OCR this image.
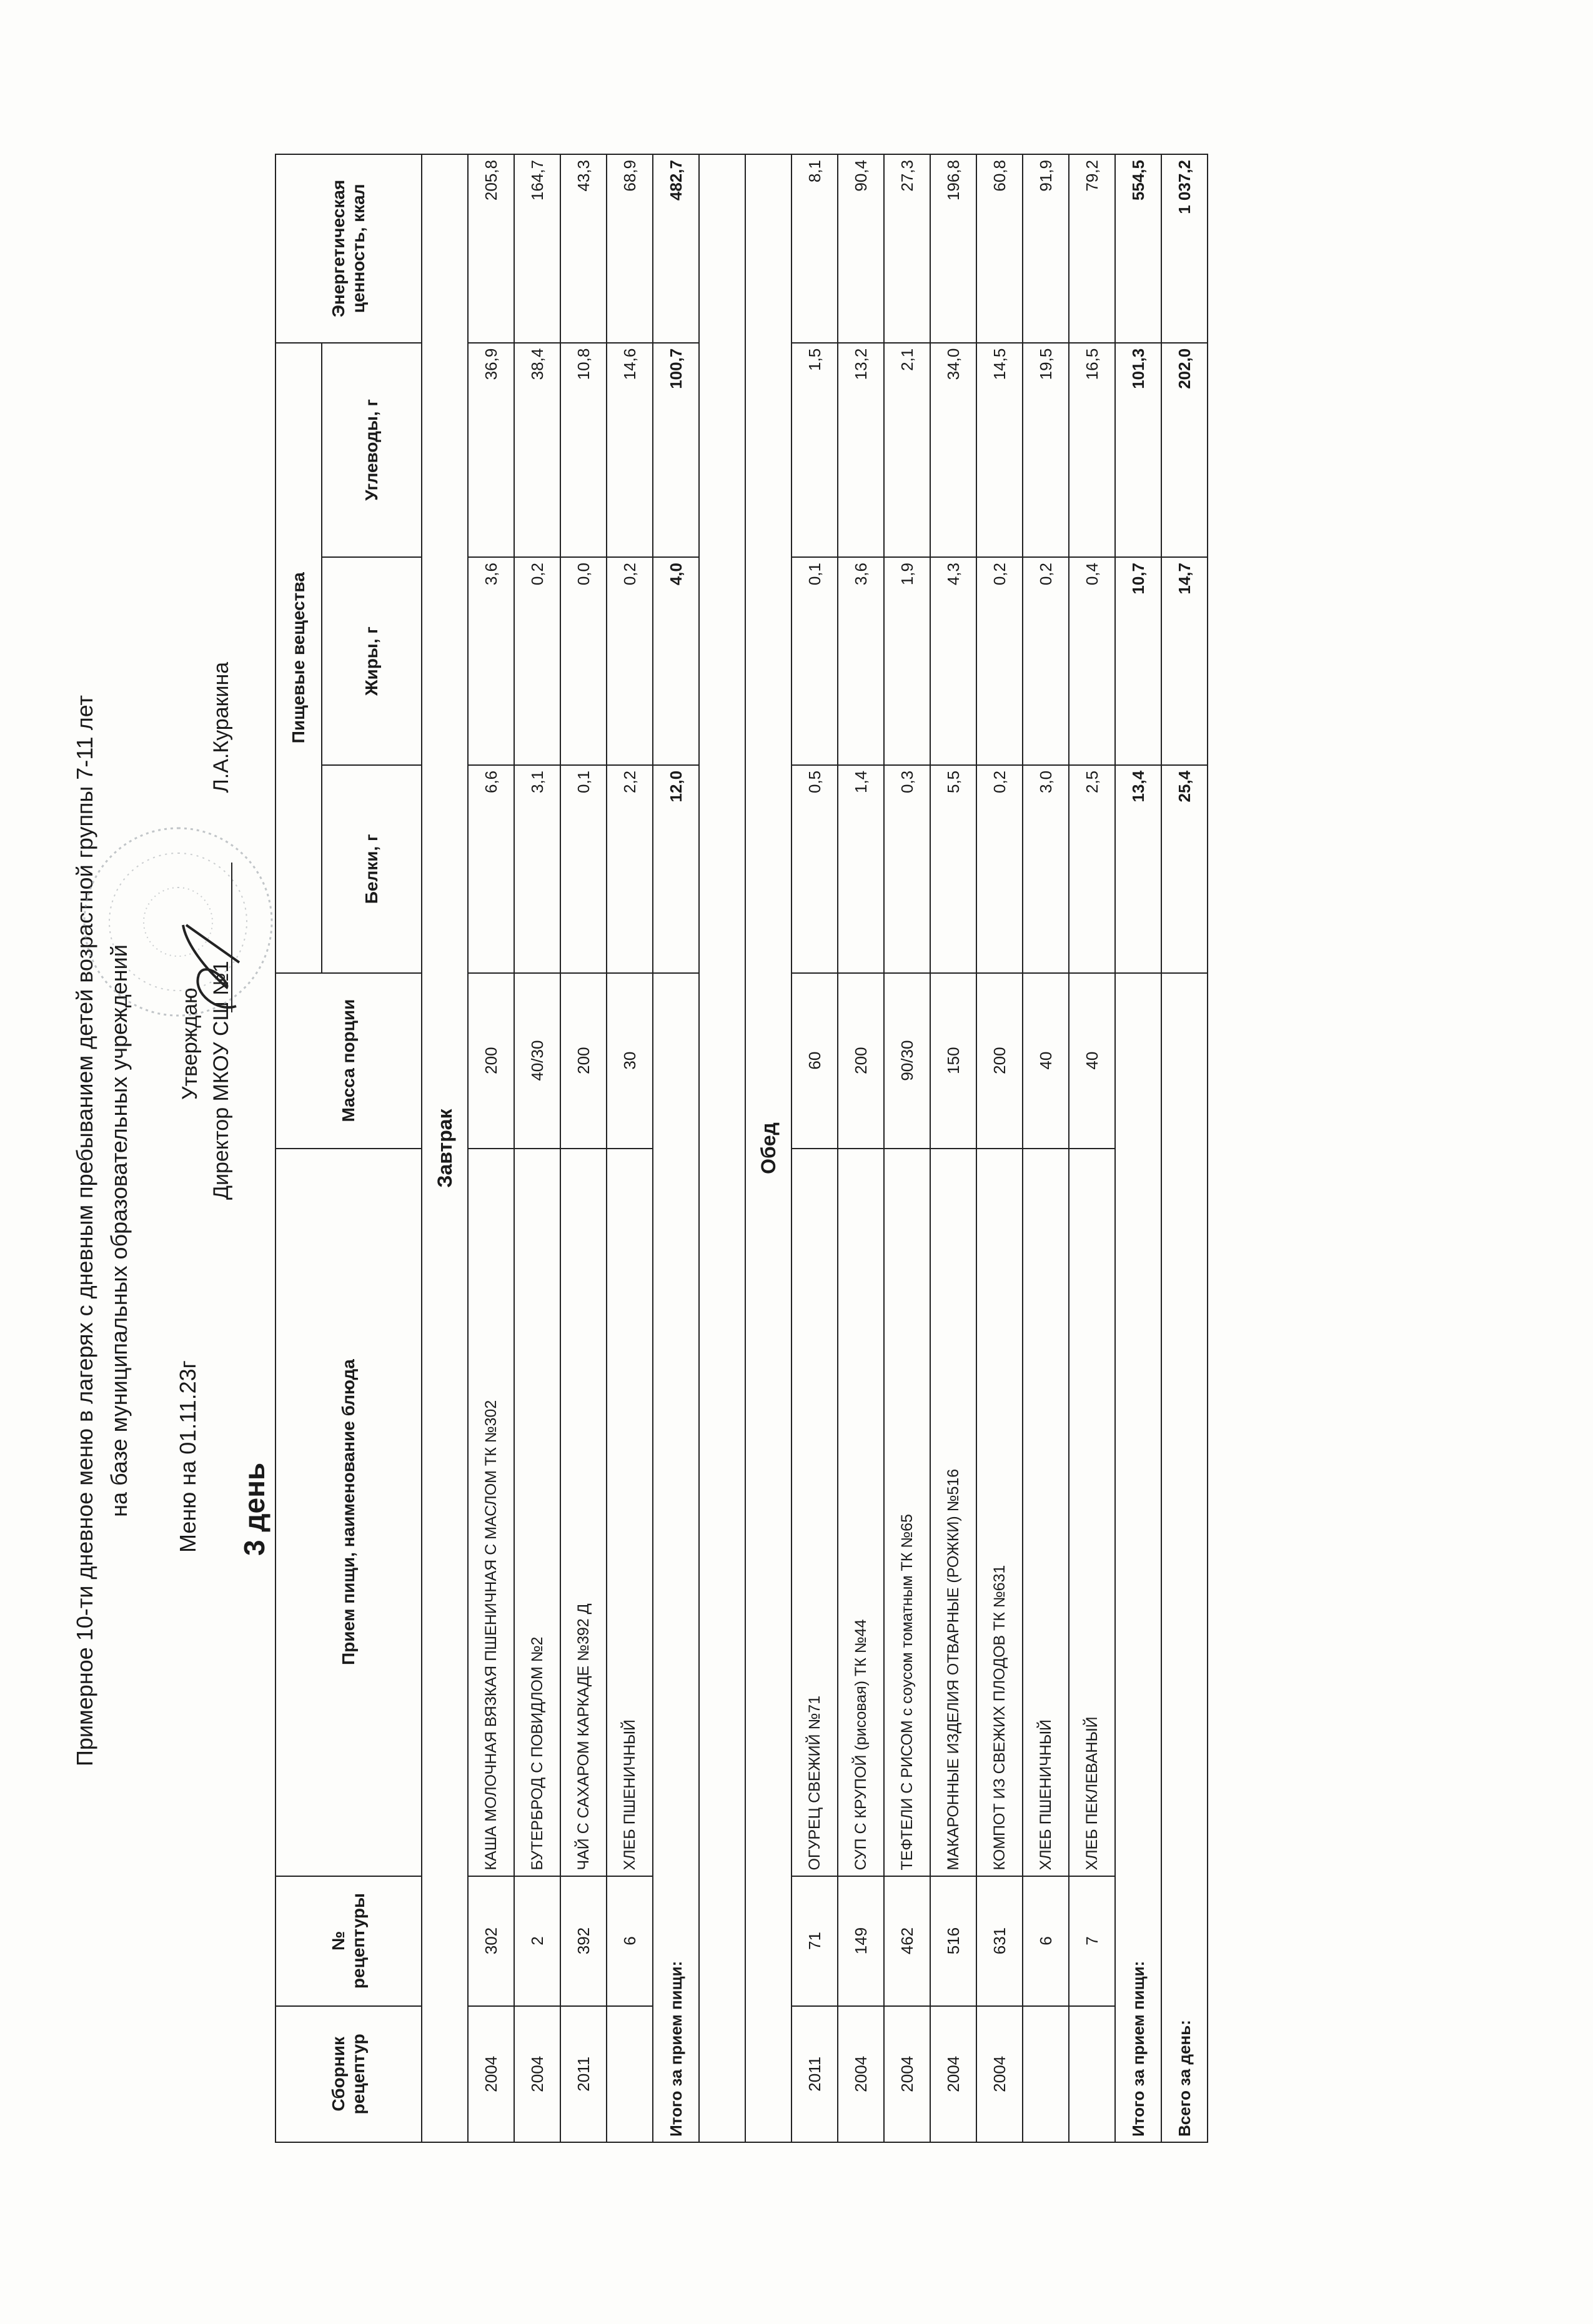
Примерное 10-ти дневное меню в лагерях с дневным пребыванием детей возрастной группы 7-11 лет на базе муниципальных образовательных учреждений Меню на 01.11.23г 3 день
Утверждаю Директор МКОУ СШ №1  Л.А.Куракина
Сборник рецептур	№ рецептуры	Прием пищи, наименование блюда	Масса порции	Пищевые вещества			Энергетическая ценность, ккал
				Белки, г	Жиры, г	Углеводы, г	
Завтрак							
2004	302	КАША МОЛОЧНАЯ ВЯЗКАЯ ПШЕНИЧНАЯ С МАСЛОМ ТК №302	200	6,6	3,6	36,9	205,8
2004	2	БУТЕРБРОД С ПОВИДЛОМ №2	40/30	3,1	0,2	38,4	164,7
2011	392	ЧАЙ С САХАРОМ КАРКАДЕ №392 Д	200	0,1	0,0	10,8	43,3
	6	ХЛЕБ ПШЕНИЧНЫЙ	30	2,2	0,2	14,6	68,9
Итого за прием пищи:				12,0	4,0	100,7	482,7

Обед							
2011	71	ОГУРЕЦ СВЕЖИЙ №71	60	0,5	0,1	1,5	8,1
2004	149	СУП С КРУПОЙ (рисовая) ТК №44	200	1,4	3,6	13,2	90,4
2004	462	ТЕФТЕЛИ С РИСОМ с соусом томатным ТК №65	90/30	0,3	1,9	2,1	27,3
2004	516	МАКАРОННЫЕ ИЗДЕЛИЯ ОТВАРНЫЕ (РОЖКИ) №516	150	5,5	4,3	34,0	196,8
2004	631	КОМПОТ ИЗ СВЕЖИХ ПЛОДОВ ТК №631	200	0,2	0,2	14,5	60,8
	6	ХЛЕБ ПШЕНИЧНЫЙ	40	3,0	0,2	19,5	91,9
	7	ХЛЕБ ПЕКЛЕВАНЫЙ	40	2,5	0,4	16,5	79,2
Итого за прием пищи:				13,4	10,7	101,3	554,5
Всего за день:				25,4	14,7	202,0	1 037,2
